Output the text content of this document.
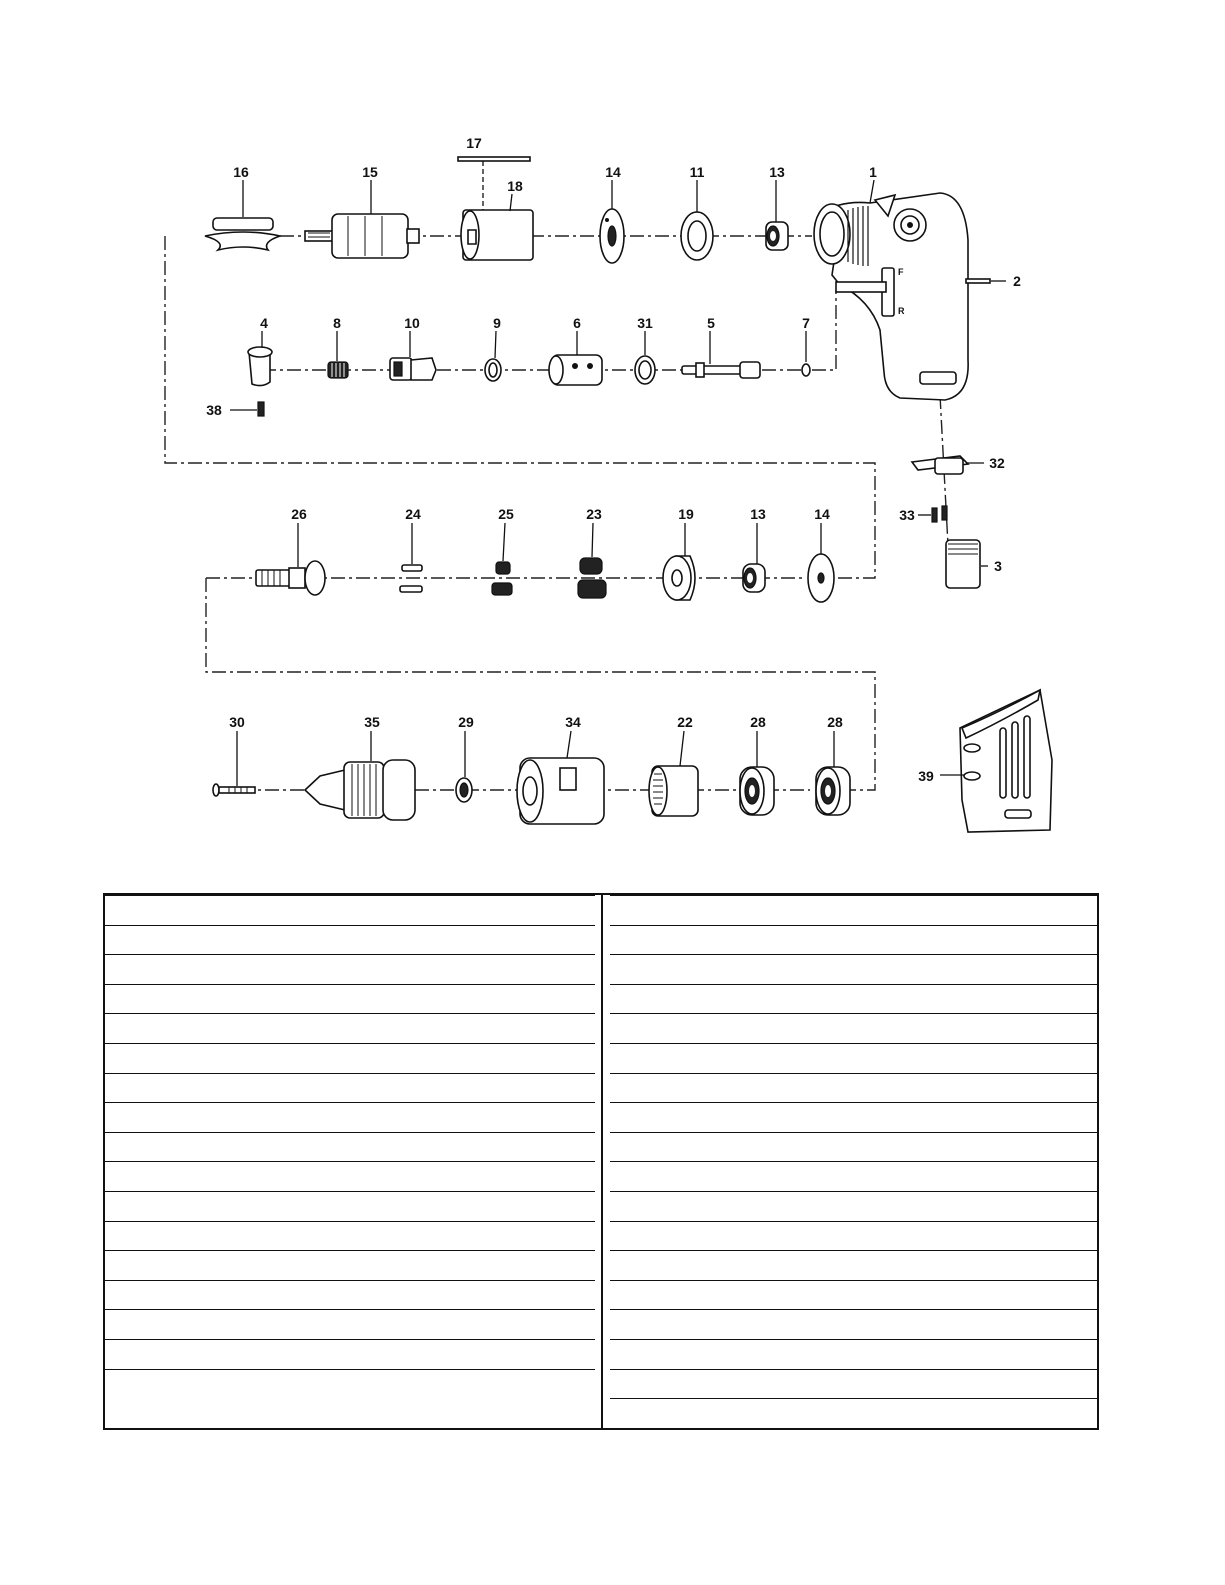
F
R
17
16	15
18
14	11	13	1
2
4	8	10	9	6	31	5	7
38
32
26	24	25	23	19	13	14	33
3
30	35	29	34	22	28	28
39
